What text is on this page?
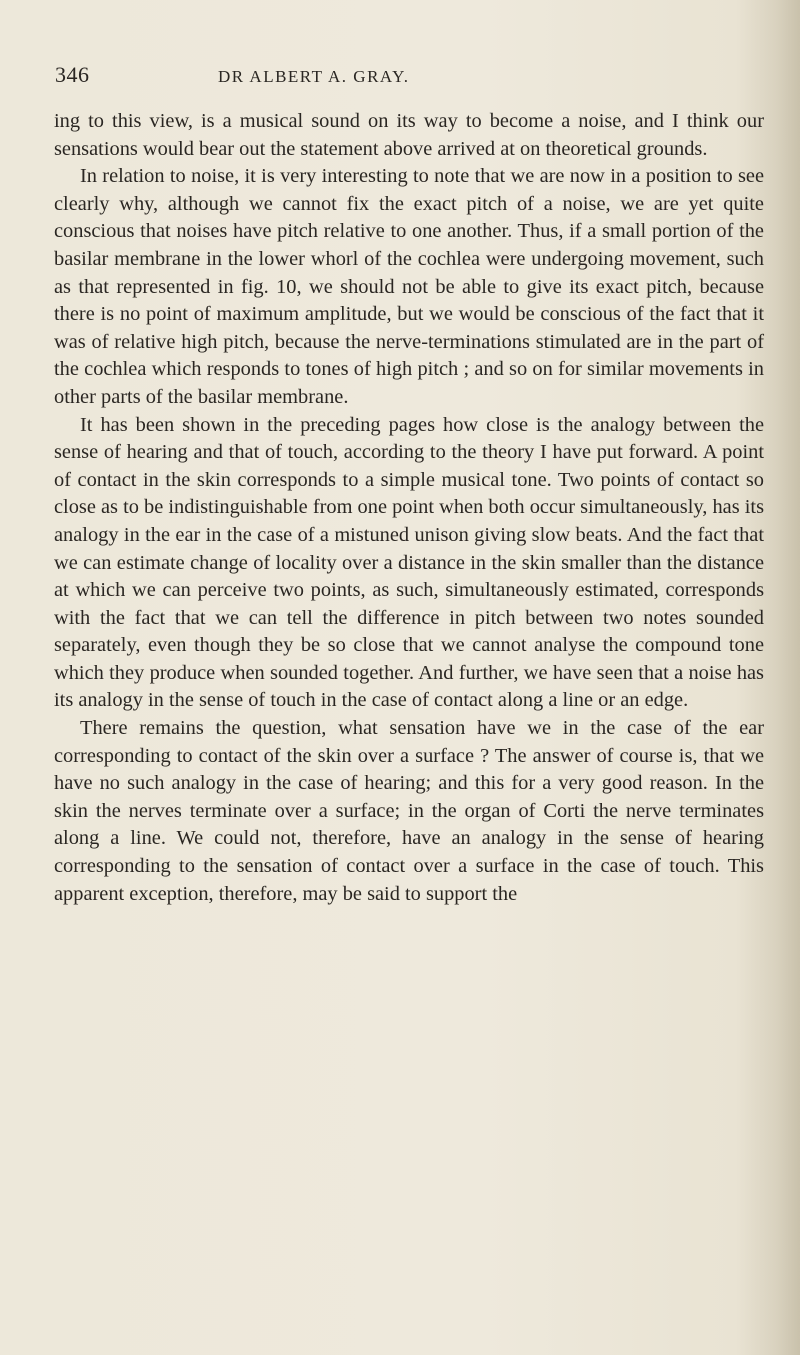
346	DR ALBERT A. GRAY.

ing to this view, is a musical sound on its way to become a noise, and I think our sensations would bear out the statement above arrived at on theoretical grounds.

In relation to noise, it is very interesting to note that we are now in a position to see clearly why, although we cannot fix the exact pitch of a noise, we are yet quite conscious that noises have pitch relative to one another. Thus, if a small portion of the basilar membrane in the lower whorl of the cochlea were undergoing movement, such as that represented in fig. 10, we should not be able to give its exact pitch, because there is no point of maximum amplitude, but we would be conscious of the fact that it was of relative high pitch, because the nerve-terminations stimulated are in the part of the cochlea which responds to tones of high pitch ; and so on for similar movements in other parts of the basilar membrane.

It has been shown in the preceding pages how close is the analogy between the sense of hearing and that of touch, according to the theory I have put forward. A point of contact in the skin corresponds to a simple musical tone. Two points of contact so close as to be indistinguishable from one point when both occur simultaneously, has its analogy in the ear in the case of a mistuned unison giving slow beats. And the fact that we can estimate change of locality over a distance in the skin smaller than the distance at which we can perceive two points, as such, simultaneously estimated, corresponds with the fact that we can tell the difference in pitch between two notes sounded separately, even though they be so close that we cannot analyse the compound tone which they produce when sounded together. And further, we have seen that a noise has its analogy in the sense of touch in the case of contact along a line or an edge.

There remains the question, what sensation have we in the case of the ear corresponding to contact of the skin over a surface ? The answer of course is, that we have no such analogy in the case of hearing; and this for a very good reason. In the skin the nerves terminate over a surface; in the organ of Corti the nerve terminates along a line. We could not, therefore, have an analogy in the sense of hearing corresponding to the sensation of contact over a surface in the case of touch. This apparent exception, therefore, may be said to support the
